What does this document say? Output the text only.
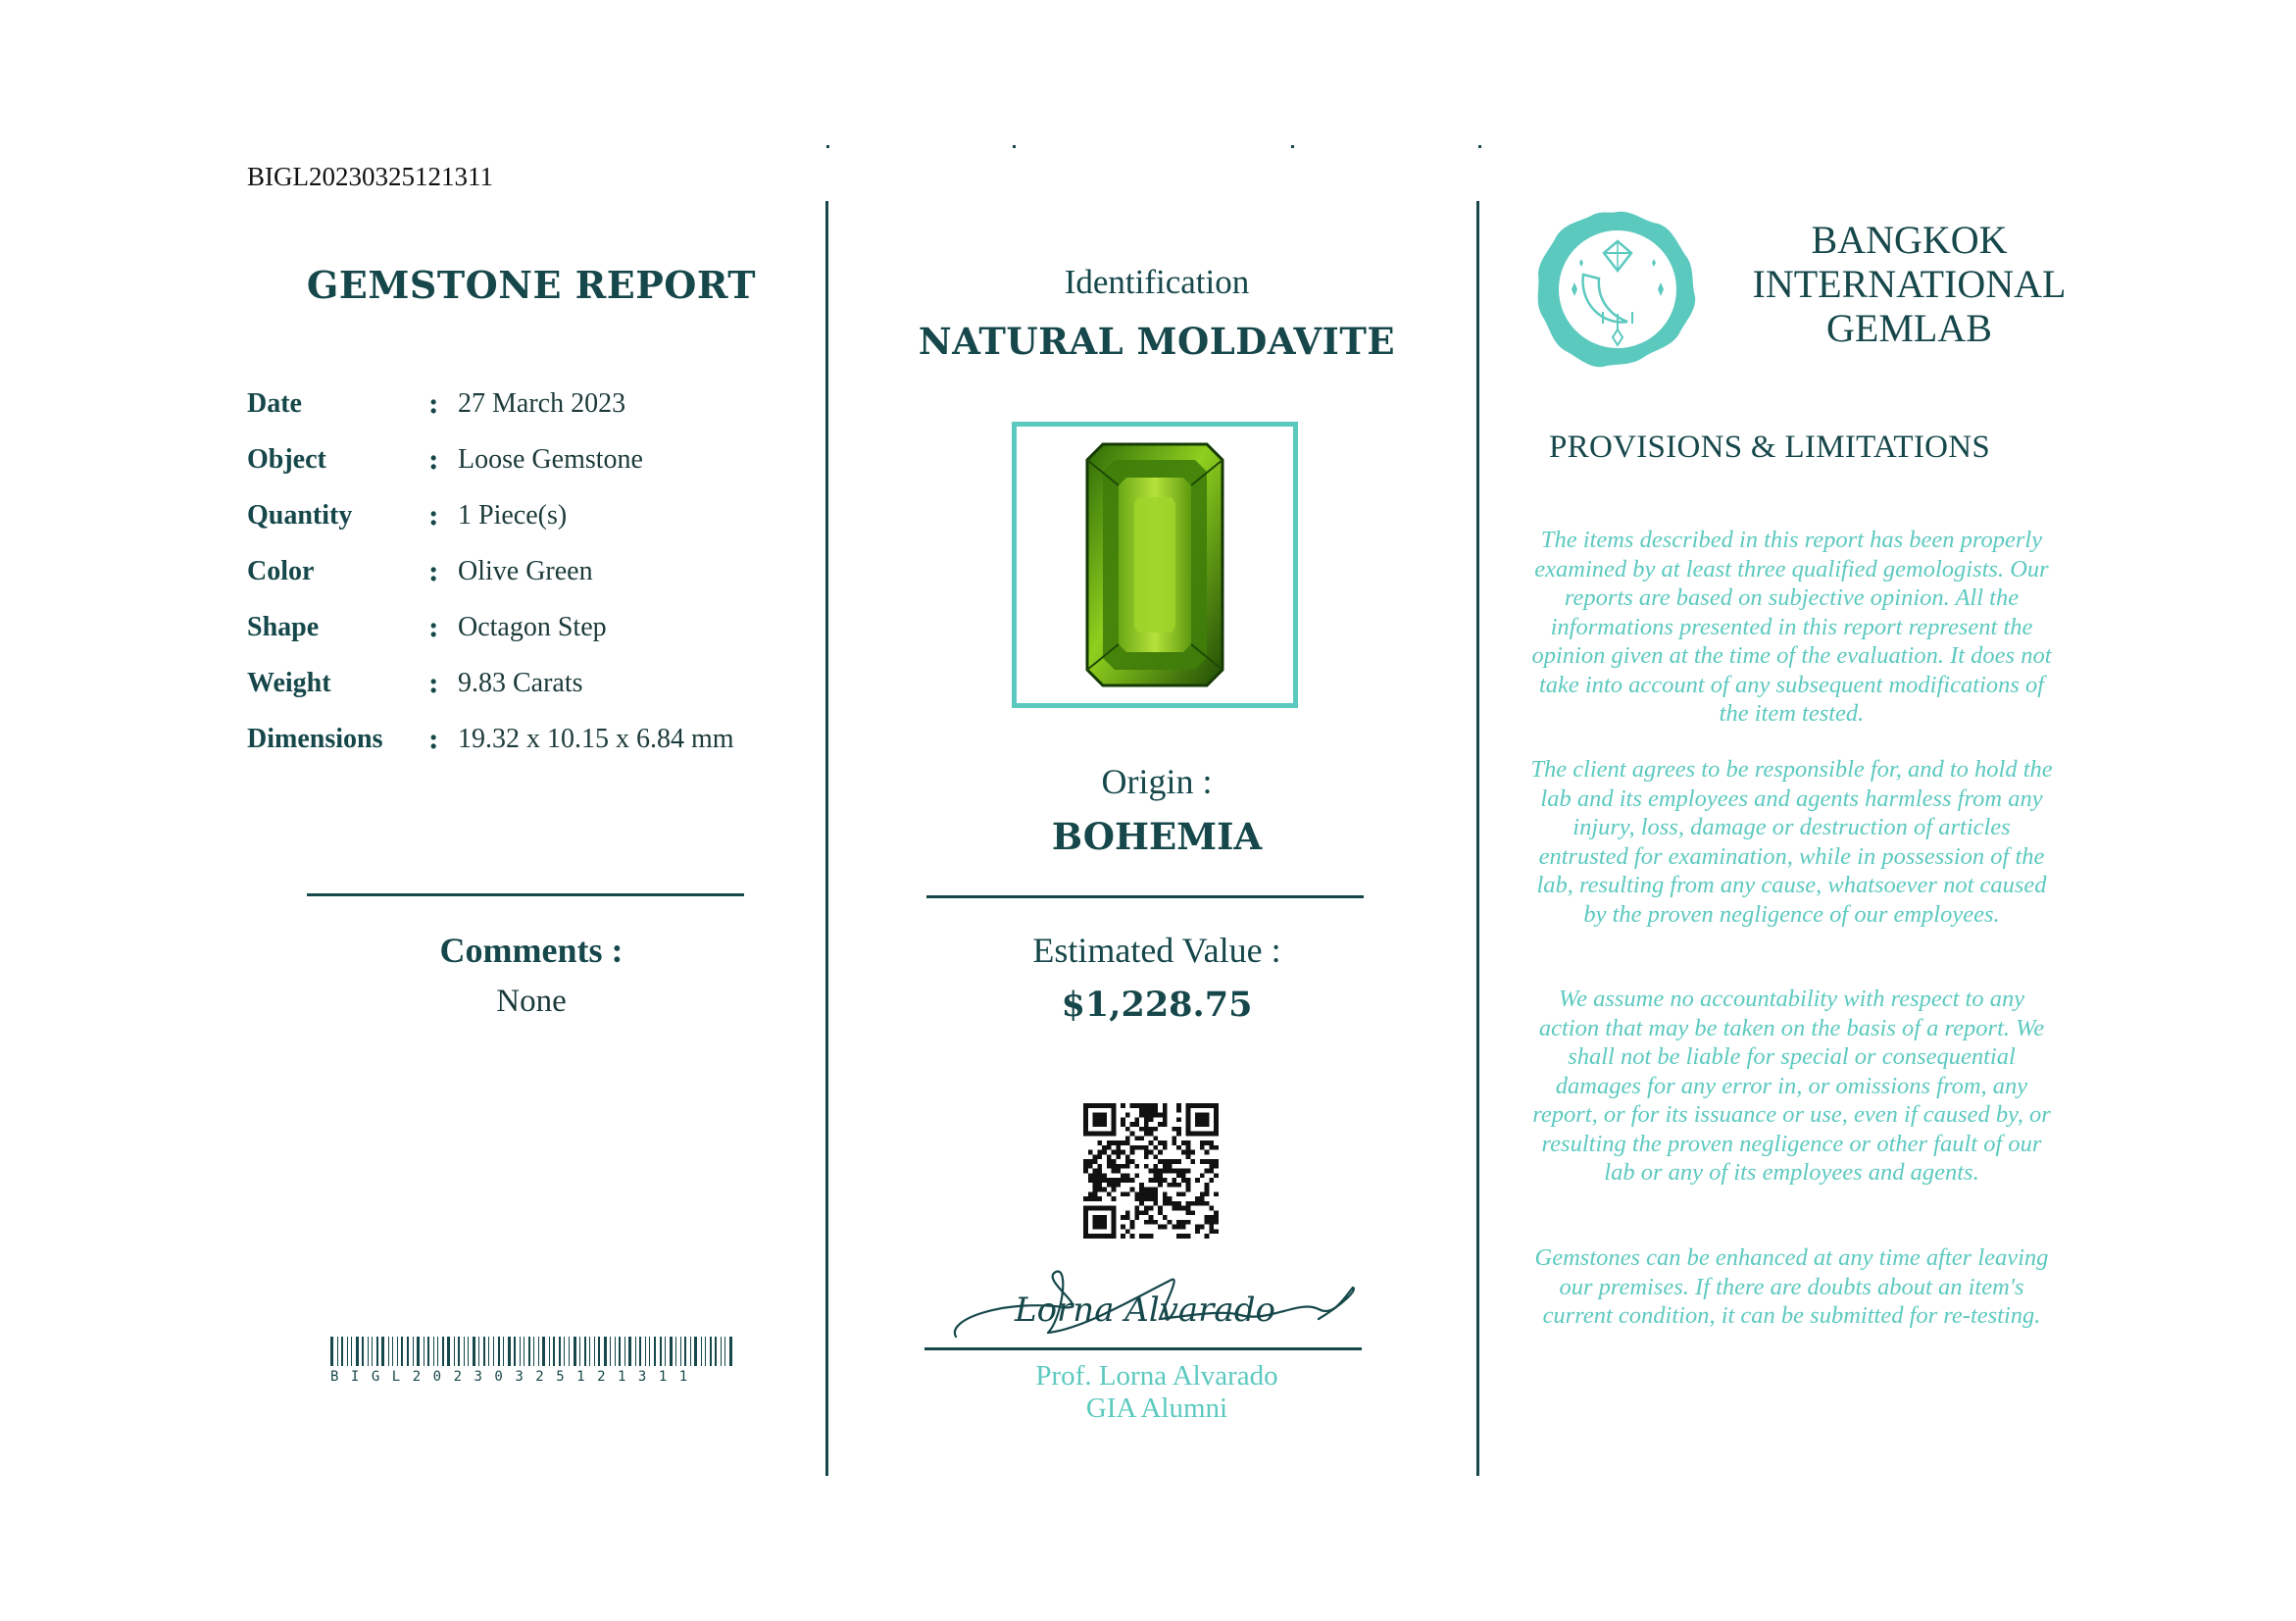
BIGL20230325121311
GEMSTONE REPORT
Date	: 27 March 2023
Object	: Loose Gemstone
Quantity	: 1 Piece(s)
Color	: Olive Green
Shape	: Octagon Step
Weight	: 9.83 Carats
Dimensions	: 19.32 x 10.15 x 6.84 mm
Comments :
None
BIGL20230325121311
Identification
NATURAL MOLDAVITE
Origin :
BOHEMIA
Estimated Value :
$1,228.75
Lorna Alvarado
Prof. Lorna Alvarado
GIA Alumni
BANGKOK
INTERNATIONAL
GEMLAB
PROVISIONS & LIMITATIONS
The items described in this report has been properly examined by at least three qualified gemologists. Our reports are based on subjective opinion. All the informations presented in this report represent the opinion given at the time of the evaluation. It does not take into account of any subsequent modifications of the item tested.
The client agrees to be responsible for, and to hold the lab and its employees and agents harmless from any injury, loss, damage or destruction of articles entrusted for examination, while in possession of the lab, resulting from any cause, whatsoever not caused by the proven negligence of our employees.
We assume no accountability with respect to any action that may be taken on the basis of a report. We shall not be liable for special or consequential damages for any error in, or omissions from, any report, or for its issuance or use, even if caused by, or resulting the proven negligence or other fault of our lab or any of its employees and agents.
Gemstones can be enhanced at any time after leaving our premises. If there are doubts about an item's current condition, it can be submitted for re-testing.
